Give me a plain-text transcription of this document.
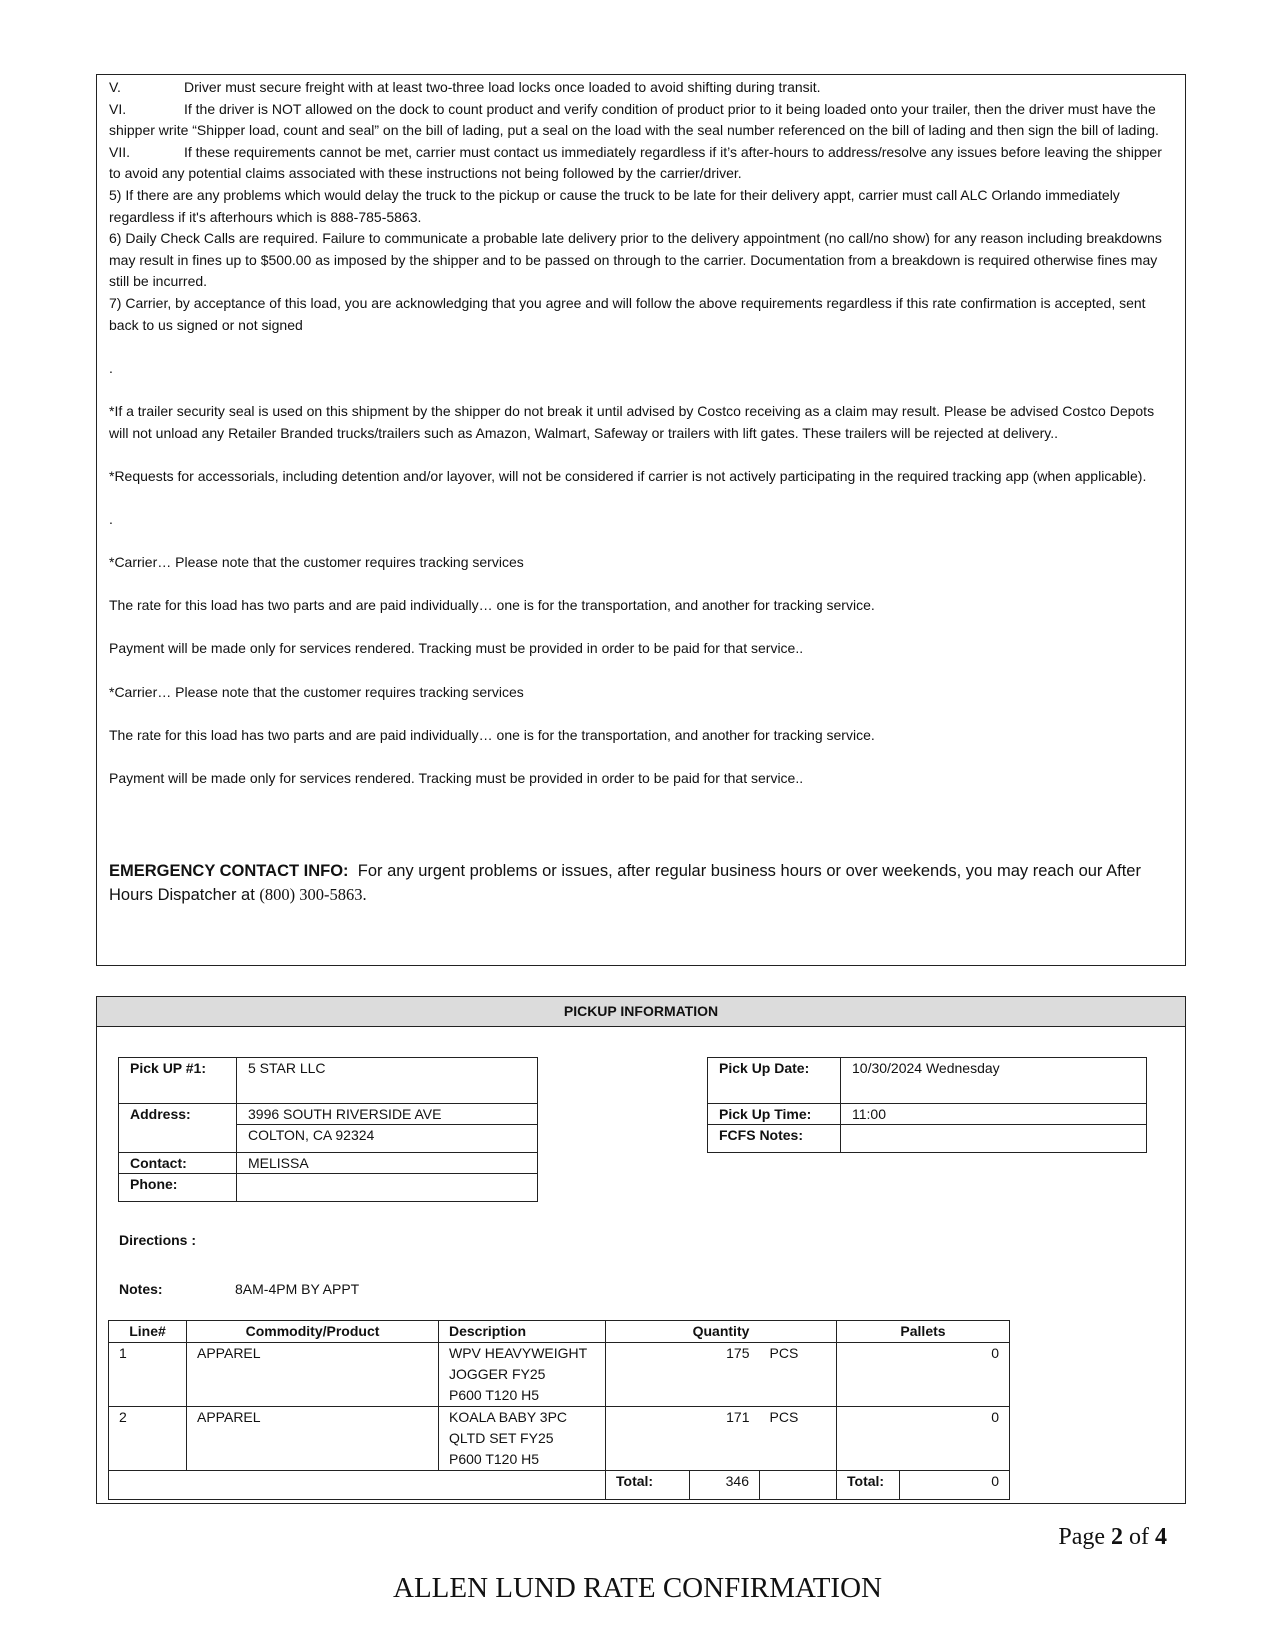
V.	Driver must secure freight with at least two-three load locks once loaded to avoid shifting during transit.

VI.	If the driver is NOT allowed on the dock to count product and verify condition of product prior to it being loaded onto your trailer, then the driver must have the shipper write “Shipper load, count and seal” on the bill of lading, put a seal on the load with the seal number referenced on the bill of lading and then sign the bill of lading.

VII.	If these requirements cannot be met, carrier must contact us immediately regardless if it’s after-hours to address/resolve any issues before leaving the shipper to avoid any potential claims associated with these instructions not being followed by the carrier/driver.

5) If there are any problems which would delay the truck to the pickup or cause the truck to be late for their delivery appt, carrier must call ALC Orlando immediately regardless if it's afterhours which is 888-785-5863.

6) Daily Check Calls are required. Failure to communicate a probable late delivery prior to the delivery appointment (no call/no show) for any reason including breakdowns may result in fines up to $500.00 as imposed by the shipper and to be passed on through to the carrier. Documentation from a breakdown is required otherwise fines may still be incurred.

7) Carrier, by acceptance of this load, you are acknowledging that you agree and will follow the above requirements regardless if this rate confirmation is accepted, sent back to us signed or not signed

.

*If a trailer security seal is used on this shipment by the shipper do not break it until advised by Costco receiving as a claim may result. Please be advised Costco Depots will not unload any Retailer Branded trucks/trailers such as Amazon, Walmart, Safeway or trailers with lift gates. These trailers will be rejected at delivery..

*Requests for accessorials, including detention and/or layover, will not be considered if carrier is not actively participating in the required tracking app (when applicable).

.

*Carrier… Please note that the customer requires tracking services

The rate for this load has two parts and are paid individually… one is for the transportation, and another for tracking service.

Payment will be made only for services rendered. Tracking must be provided in order to be paid for that service..

*Carrier… Please note that the customer requires tracking services

The rate for this load has two parts and are paid individually… one is for the transportation, and another for tracking service.

Payment will be made only for services rendered. Tracking must be provided in order to be paid for that service..

EMERGENCY CONTACT INFO: For any urgent problems or issues, after regular business hours or over weekends, you may reach our After Hours Dispatcher at (800) 300-5863.

PICKUP INFORMATION
Pick UP #1:	5 STAR LLC
Address:	3996 SOUTH RIVERSIDE AVE
	COLTON, CA 92324
Contact:	MELISSA
Phone:	
Pick Up Date:	10/30/2024 Wednesday
Pick Up Time:	11:00
FCFS Notes:	
Directions :
Notes:	8AM-4PM BY APPT
Line#	Commodity/Product	Description	Quantity			Pallets	
1	APPAREL	WPV HEAVYWEIGHT
JOGGER FY25
P600 T120 H5	175		PCS	0	
2	APPAREL	KOALA BABY 3PC
QLTD SET FY25
P600 T120 H5	171		PCS	0	
			Total:	346		Total:	0
Page 2 of 4
ALLEN LUND RATE CONFIRMATION
